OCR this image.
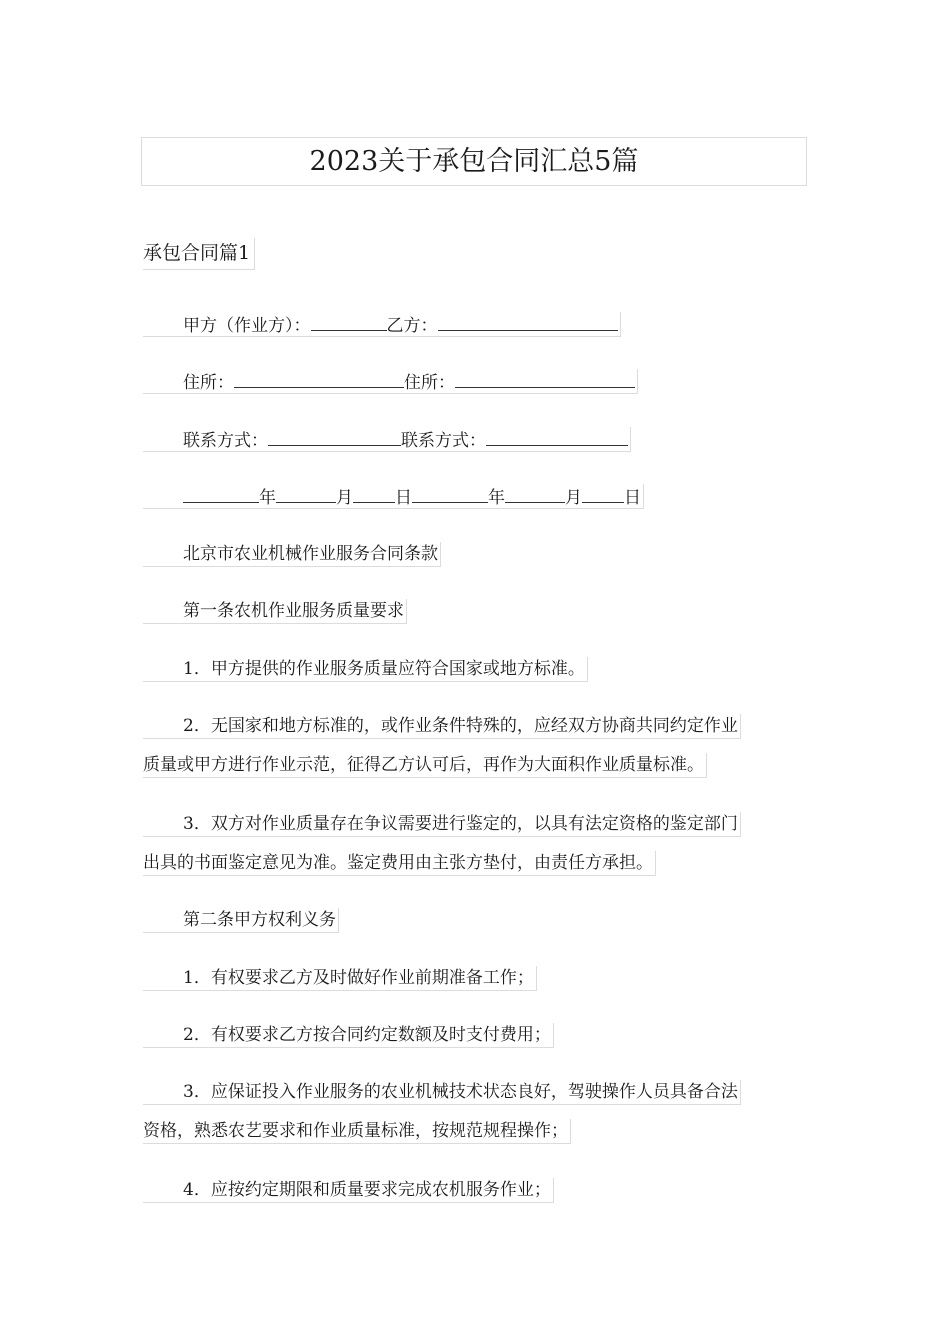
2023关于承包合同汇总5篇
承包合同篇1
甲方（作业方）：	乙方：
住所：	住所：
联系方式：	联系方式：
年	月 日	年	月 日
北京市农业机械作业服务合同条款
第一条农机作业服务质量要求
1．甲方提供的作业服务质量应符合国家或地方标准。
2．无国家和地方标准的，或作业条件特殊的，应经双方协商共同约定作业
质量或甲方进行作业示范，征得乙方认可后，再作为大面积作业质量标准。
3．双方对作业质量存在争议需要进行鉴定的，以具有法定资格的鉴定部门
出具的书面鉴定意见为准。鉴定费用由主张方垫付，由责任方承担。
第二条甲方权利义务
1．有权要求乙方及时做好作业前期准备工作；
2．有权要求乙方按合同约定数额及时支付费用；
3．应保证投入作业服务的农业机械技术状态良好，驾驶操作人员具备合法
资格，熟悉农艺要求和作业质量标准，按规范规程操作；
4．应按约定期限和质量要求完成农机服务作业；
